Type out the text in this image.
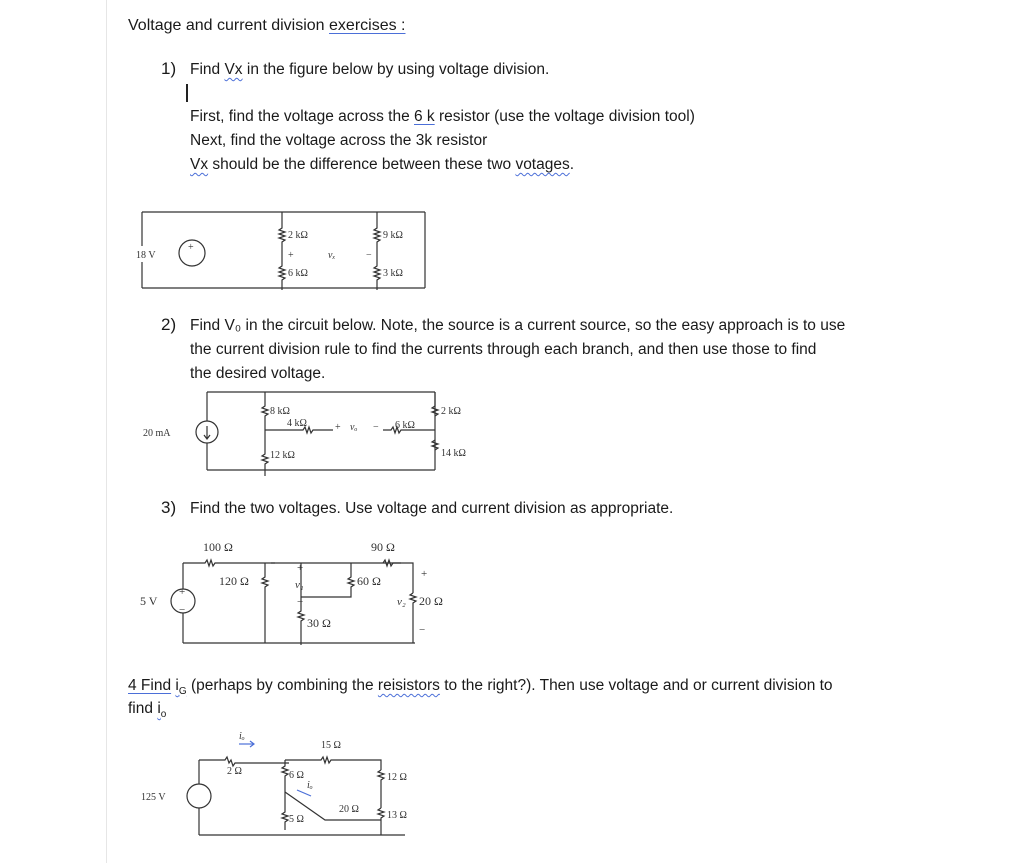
Voltage and current division exercises :
1) Find Vx in the figure below by using voltage division.
First, find the voltage across the 6 k resistor (use the voltage division tool)
Next, find the voltage across the 3k resistor
Vx should be the difference between these two votages.
18 V
+
2 kΩ	9 kΩ
+	vₓ	−
6 kΩ	3 kΩ
2) Find V₀ in the circuit below. Note, the source is a current source, so the easy approach is to use
the current division rule to find the currents through each branch, and then use those to find
the desired voltage.
20 mA
8 kΩ
4 kΩ	+ vₒ − 6 kΩ
2 kΩ
12 kΩ	14 kΩ
3) Find the two voltages. Use voltage and current division as appropriate.
5 V
+
−
100 Ω	90 Ω
120 Ω
+
v₁
−
60 Ω
30 Ω
+
v₂ 20 Ω
−
4 Find $i_G$ (perhaps by combining the reisistors to the right?). Then use voltage and or current division to
find $i_o$
125 V
iₒ
2 Ω
15 Ω
6 Ω	12 Ω
iₒ
5 Ω
20 Ω
13 Ω
